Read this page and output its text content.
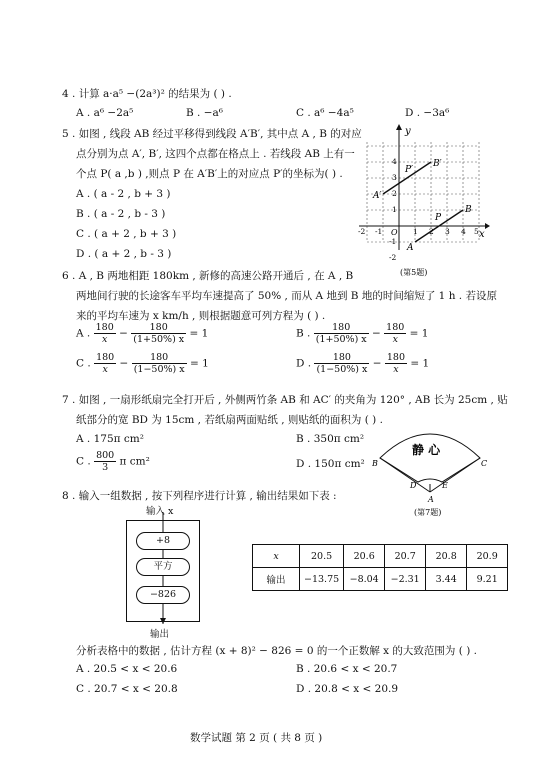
4 . 计算 a·a⁵ −(2a³)² 的结果为 ( ) .
A . a⁶ −2a⁵	B . −a⁶	C . a⁶ −4a⁵	D . −3a⁶
5 . 如图 , 线段 AB 经过平移得到线段 A′B′, 其中点 A , B 的对应
点分别为点 A′, B′, 这四个点都在格点上 . 若线段 AB 上有一
个点 P( a ,b ) ,则点 P 在 A′B′上的对应点 P′的坐标为( ) .
A . ( a - 2 , b + 3 )
B . ( a - 2 , b - 3 )
C . ( a + 2 , b + 3 )
D . ( a + 2 , b - 3 )
y
x
O
-2 -1	1 2 3 4 5
4
3
2
1
-1
-2
A′
B′
P′
A
B
P
(第5题)
6 . A , B 两地相距 180km , 新修的高速公路开通后 , 在 A , B
两地间行驶的长途客车平均车速提高了 50% , 而从 A 地到 B 地的时间缩短了 1 h . 若设原
来的平均车速为 x km/h , 则根据题意可列方程为 ( ) .
A . $\frac{180}{x} - \frac{180}{(1+50\%) x} = 1$	B . $\frac{180}{(1+50\%) x} - \frac{180}{x} = 1$
C . $\frac{180}{x} - \frac{180}{(1-50\%) x} = 1$	D . $\frac{180}{(1-50\%) x} - \frac{180}{x} = 1$
7 . 如图 , 一扇形纸扇完全打开后 , 外侧两竹条 AB 和 AC′ 的夹角为 120° , AB 长为 25cm , 贴
纸部分的宽 BD 为 15cm , 若纸扇两面贴纸 , 则贴纸的面积为 ( ) .
A . 175π cm²	B . 350π cm²
C . $\frac{800}{3}$ π cm²	D . 150π cm²
静 心
B	C
D	E
A
(第7题)
8 . 输入一组数据 , 按下列程序进行计算 , 输出结果如下表 :
输入 x
+8
平方
−826
输出
x	20.5	20.6	20.7	20.8	20.9
输出	−13.75	−8.04	−2.31	3.44	9.21
分析表格中的数据 , 估计方程 (x + 8)² − 826 = 0 的一个正数解 x 的大致范围为 ( ) .
A . 20.5 < x < 20.6	B . 20.6 < x < 20.7
C . 20.7 < x < 20.8	D . 20.8 < x < 20.9
数学试题 第 2 页 ( 共 8 页 )
